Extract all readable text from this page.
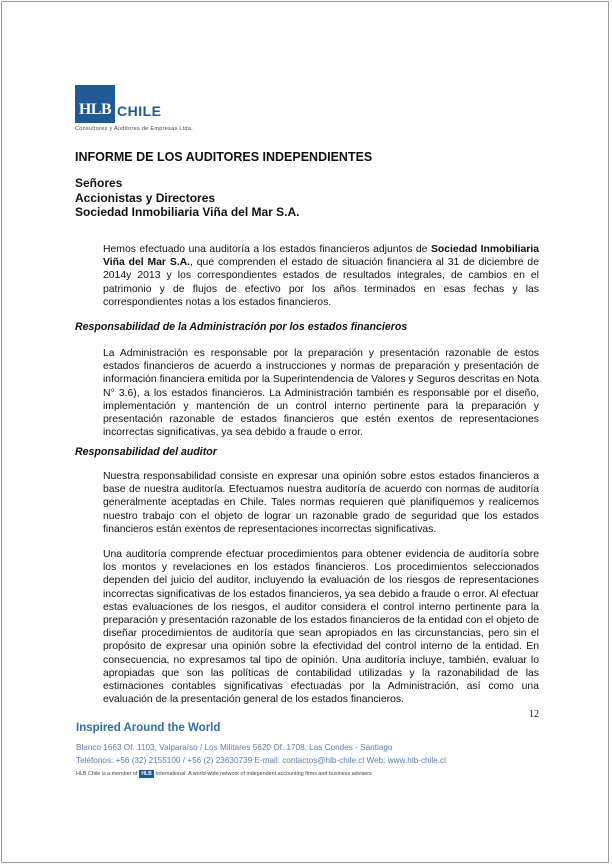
HLB CHILE
Consultores y Auditores de Empresas Ltda.
INFORME DE LOS AUDITORES INDEPENDIENTES
Señores
Accionistas y Directores
Sociedad Inmobiliaria Viña del Mar S.A.
Hemos efectuado una auditoría a los estados financieros adjuntos de Sociedad Inmobiliaria Viña del Mar S.A., que comprenden el estado de situación financiera al 31 de diciembre de 2014y 2013 y los correspondientes estados de resultados integrales, de cambios en el patrimonio y de flujos de efectivo por los años terminados en esas fechas y las correspondientes notas a los estados financieros.
Responsabilidad de la Administración por los estados financieros
La Administración es responsable por la preparación y presentación razonable de estos estados financieros de acuerdo a instrucciones y normas de preparación y presentación de información financiera emitida por la Superintendencia de Valores y Seguros descritas en Nota N° 3.6), a los estados financieros. La Administración también es responsable por el diseño, implementación y mantención de un control interno pertinente para la preparación y presentación razonable de estados financieros que estén exentos de representaciones incorrectas significativas, ya sea debido a fraude o error.
Responsabilidad del auditor
Nuestra responsabilidad consiste en expresar una opinión sobre estos estados financieros a base de nuestra auditoría. Efectuamos nuestra auditoría de acuerdo con normas de auditoría generalmente aceptadas en Chile. Tales normas requieren que planifiquemos y realicemos nuestro trabajo con el objeto de lograr un razonable grado de seguridad que los estados financieros están exentos de representaciones incorrectas significativas.
Una auditoría comprende efectuar procedimientos para obtener evidencia de auditoría sobre los montos y revelaciones en los estados financieros. Los procedimientos seleccionados dependen del juicio del auditor, incluyendo la evaluación de los riesgos de representaciones incorrectas significativas de los estados financieros, ya sea debido a fraude o error. Al efectuar estas evaluaciones de los riesgos, el auditor considera el control interno pertinente para la preparación y presentación razonable de los estados financieros de la entidad con el objeto de diseñar procedimientos de auditoría que sean apropiados en las circunstancias, pero sin el propósito de expresar una opinión sobre la efectividad del control interno de la entidad. En consecuencia, no expresamos tal tipo de opinión. Una auditoría incluye, también, evaluar lo apropiadas que son las políticas de contabilidad utilizadas y la razonabilidad de las estimaciones contables significativas efectuadas por la Administración, así como una evaluación de la presentación general de los estados financieros.
12
Inspired Around the World
Blanco 1663 Of. 1103, Valparaíso / Los Militares 5620 Of. 1708, Las Condes - Santiago
Teléfonos: +56 (32) 2155100 / +56 (2) 23630739 E-mail: contactos@hlb-chile.cl Web: www.hlb-chile.cl
HLB Chile is a member of HLB International. A world-wide network of independent accounting firms and business advisers
